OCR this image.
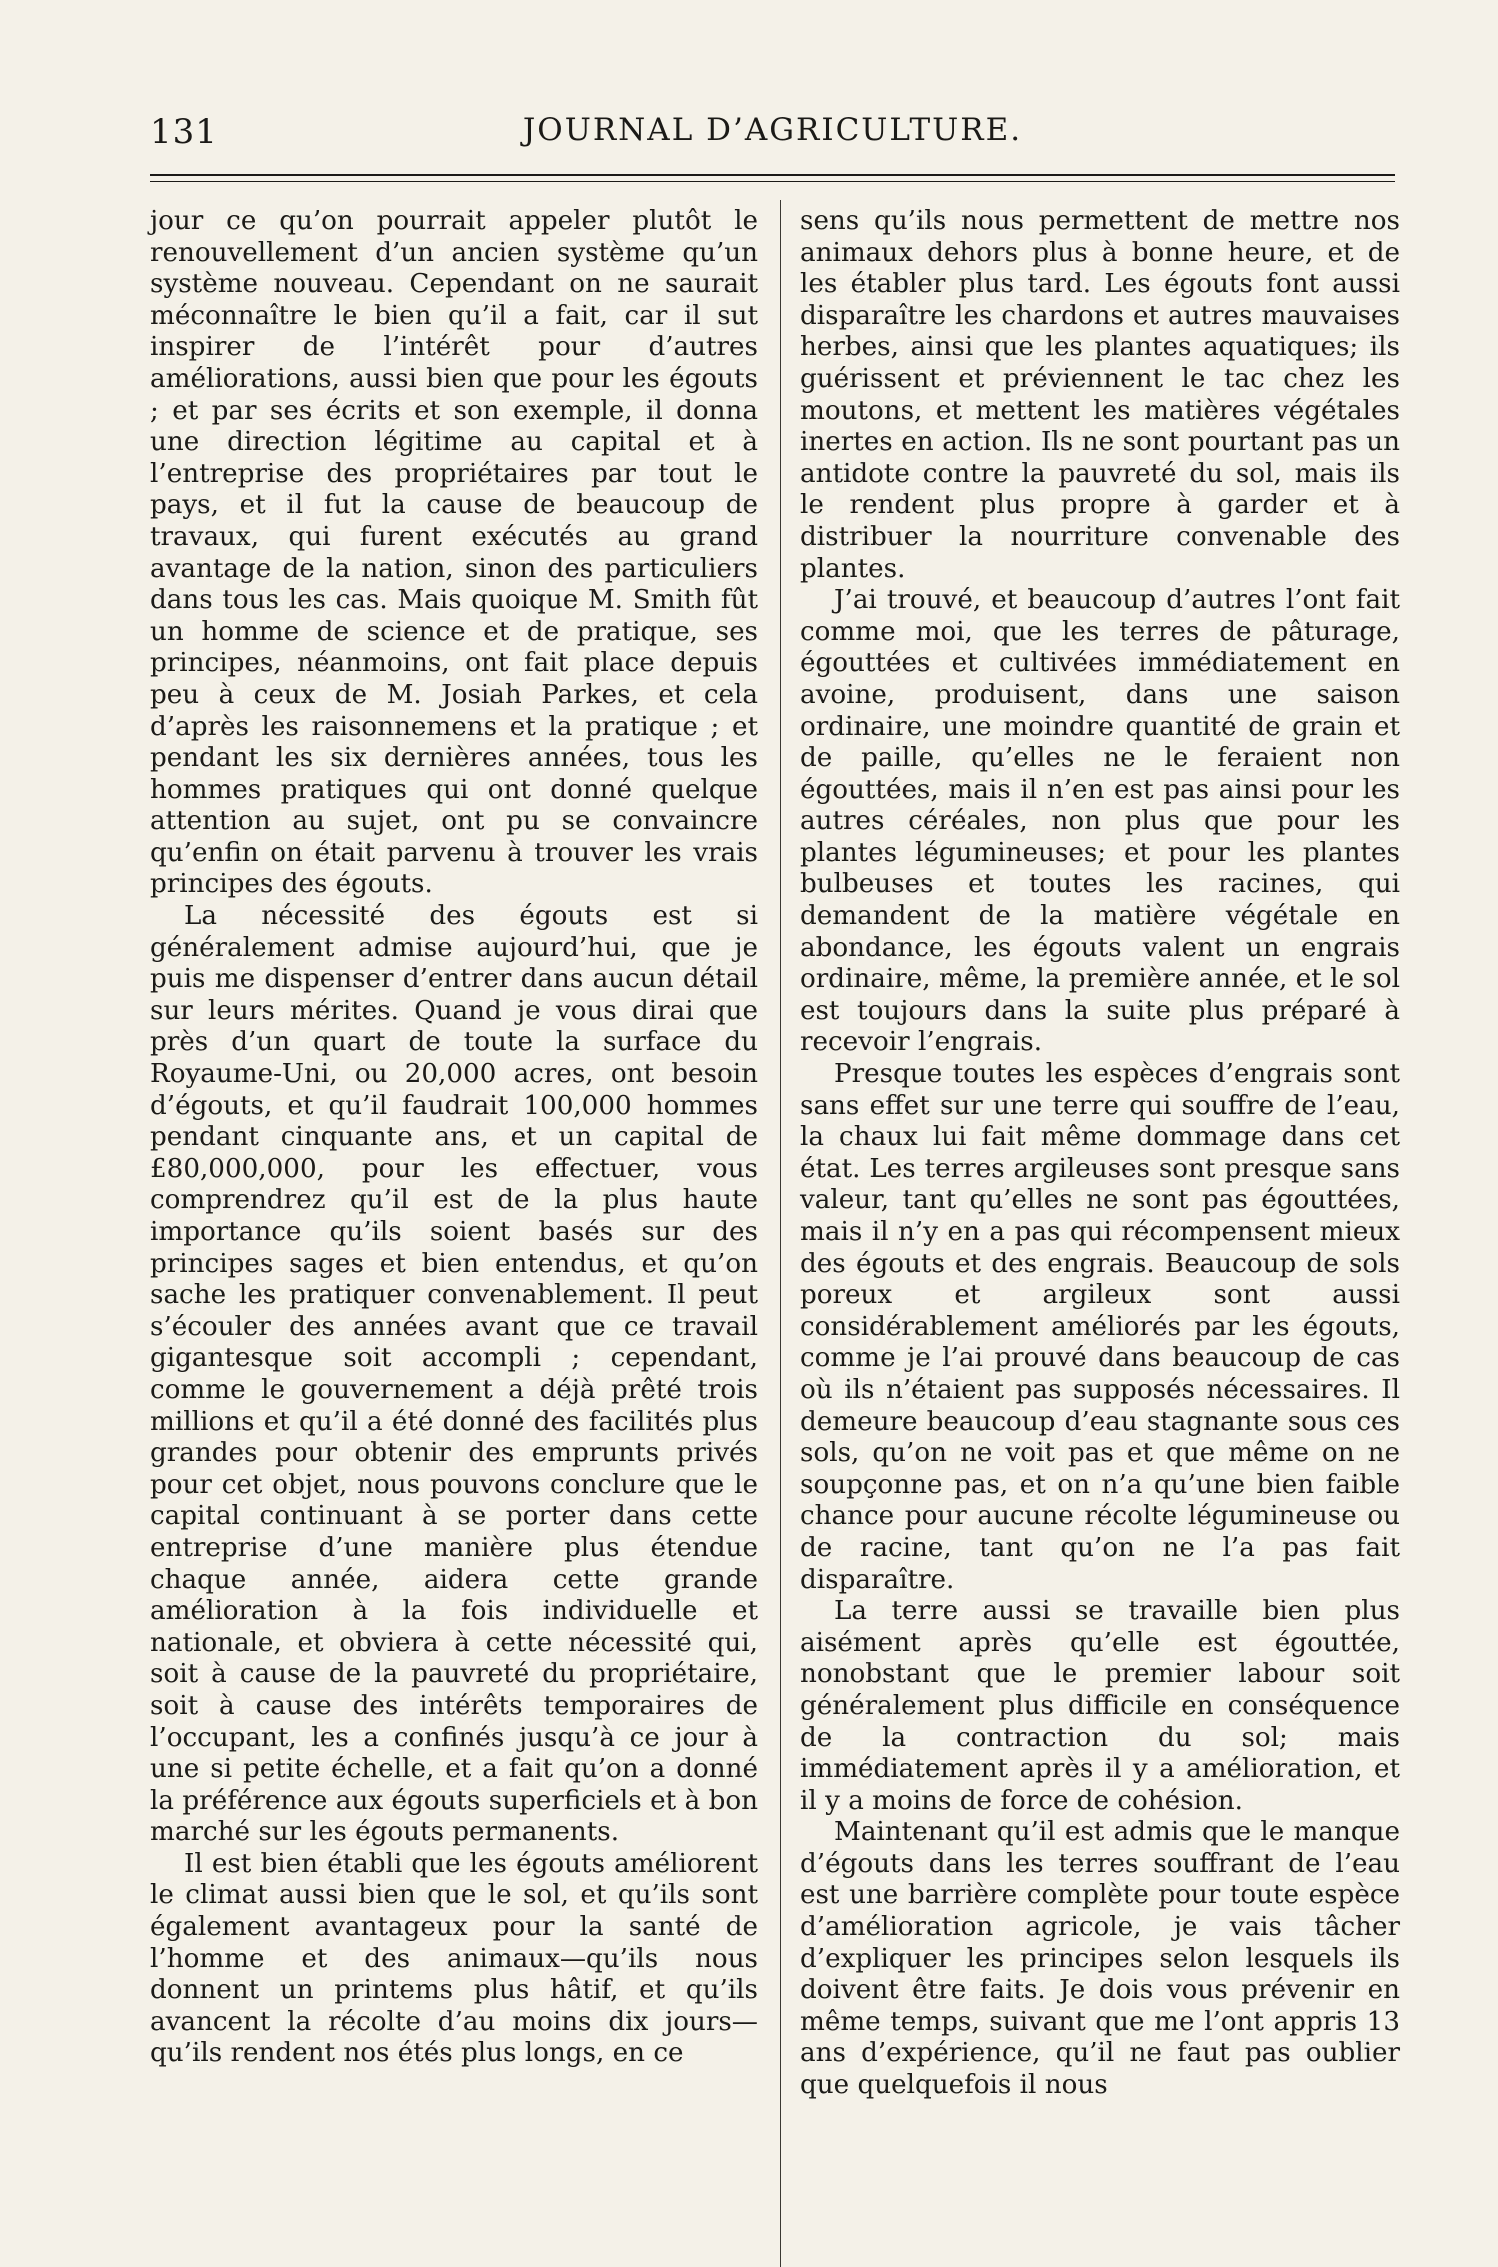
131	JOURNAL D’AGRICULTURE.

jour ce qu’on pourrait appeler plutôt le renouvellement d’un ancien système qu’un système nouveau. Cependant on ne saurait méconnaître le bien qu’il a fait, car il sut inspirer de l’intérêt pour d’autres améliorations, aussi bien que pour les égouts ; et par ses écrits et son exemple, il donna une direction légitime au capital et à l’entreprise des propriétaires par tout le pays, et il fut la cause de beaucoup de travaux, qui furent exécutés au grand avantage de la nation, sinon des particuliers dans tous les cas. Mais quoique M. Smith fût un homme de science et de pratique, ses principes, néanmoins, ont fait place depuis peu à ceux de M. Josiah Parkes, et cela d’après les raisonnemens et la pratique ; et pendant les six dernières années, tous les hommes pratiques qui ont donné quelque attention au sujet, ont pu se convaincre qu’enfin on était parvenu à trouver les vrais principes des égouts.

La nécessité des égouts est si généralement admise aujourd’hui, que je puis me dispenser d’entrer dans aucun détail sur leurs mérites. Quand je vous dirai que près d’un quart de toute la surface du Royaume-Uni, ou 20,000 acres, ont besoin d’égouts, et qu’il faudrait 100,000 hommes pendant cinquante ans, et un capital de £80,000,000, pour les effectuer, vous comprendrez qu’il est de la plus haute importance qu’ils soient basés sur des principes sages et bien entendus, et qu’on sache les pratiquer convenablement. Il peut s’écouler des années avant que ce travail gigantesque soit accompli ; cependant, comme le gouvernement a déjà prêté trois millions et qu’il a été donné des facilités plus grandes pour obtenir des emprunts privés pour cet objet, nous pouvons conclure que le capital continuant à se porter dans cette entreprise d’une manière plus étendue chaque année, aidera cette grande amélioration à la fois individuelle et nationale, et obviera à cette nécessité qui, soit à cause de la pauvreté du propriétaire, soit à cause des intérêts temporaires de l’occupant, les a confinés jusqu’à ce jour à une si petite échelle, et a fait qu’on a donné la préférence aux égouts superficiels et à bon marché sur les égouts permanents.

Il est bien établi que les égouts améliorent le climat aussi bien que le sol, et qu’ils sont également avantageux pour la santé de l’homme et des animaux—qu’ils nous donnent un printems plus hâtif, et qu’ils avancent la récolte d’au moins dix jours—qu’ils rendent nos étés plus longs, en ce

sens qu’ils nous permettent de mettre nos animaux dehors plus à bonne heure, et de les établer plus tard. Les égouts font aussi disparaître les chardons et autres mauvaises herbes, ainsi que les plantes aquatiques; ils guérissent et préviennent le tac chez les moutons, et mettent les matières végétales inertes en action. Ils ne sont pourtant pas un antidote contre la pauvreté du sol, mais ils le rendent plus propre à garder et à distribuer la nourriture convenable des plantes.

J’ai trouvé, et beaucoup d’autres l’ont fait comme moi, que les terres de pâturage, égouttées et cultivées immédiatement en avoine, produisent, dans une saison ordinaire, une moindre quantité de grain et de paille, qu’elles ne le feraient non égouttées, mais il n’en est pas ainsi pour les autres céréales, non plus que pour les plantes légumineuses; et pour les plantes bulbeuses et toutes les racines, qui demandent de la matière végétale en abondance, les égouts valent un engrais ordinaire, même, la première année, et le sol est toujours dans la suite plus préparé à recevoir l’engrais.

Presque toutes les espèces d’engrais sont sans effet sur une terre qui souffre de l’eau, la chaux lui fait même dommage dans cet état. Les terres argileuses sont presque sans valeur, tant qu’elles ne sont pas égouttées, mais il n’y en a pas qui récompensent mieux des égouts et des engrais. Beaucoup de sols poreux et argileux sont aussi considérablement améliorés par les égouts, comme je l’ai prouvé dans beaucoup de cas où ils n’étaient pas supposés nécessaires. Il demeure beaucoup d’eau stagnante sous ces sols, qu’on ne voit pas et que même on ne soupçonne pas, et on n’a qu’une bien faible chance pour aucune récolte légumineuse ou de racine, tant qu’on ne l’a pas fait disparaître.

La terre aussi se travaille bien plus aisément après qu’elle est égouttée, nonobstant que le premier labour soit généralement plus difficile en conséquence de la contraction du sol; mais immédiatement après il y a amélioration, et il y a moins de force de cohésion.

Maintenant qu’il est admis que le manque d’égouts dans les terres souffrant de l’eau est une barrière complète pour toute espèce d’amélioration agricole, je vais tâcher d’expliquer les principes selon lesquels ils doivent être faits. Je dois vous prévenir en même temps, suivant que me l’ont appris 13 ans d’expérience, qu’il ne faut pas oublier que quelquefois il nous
